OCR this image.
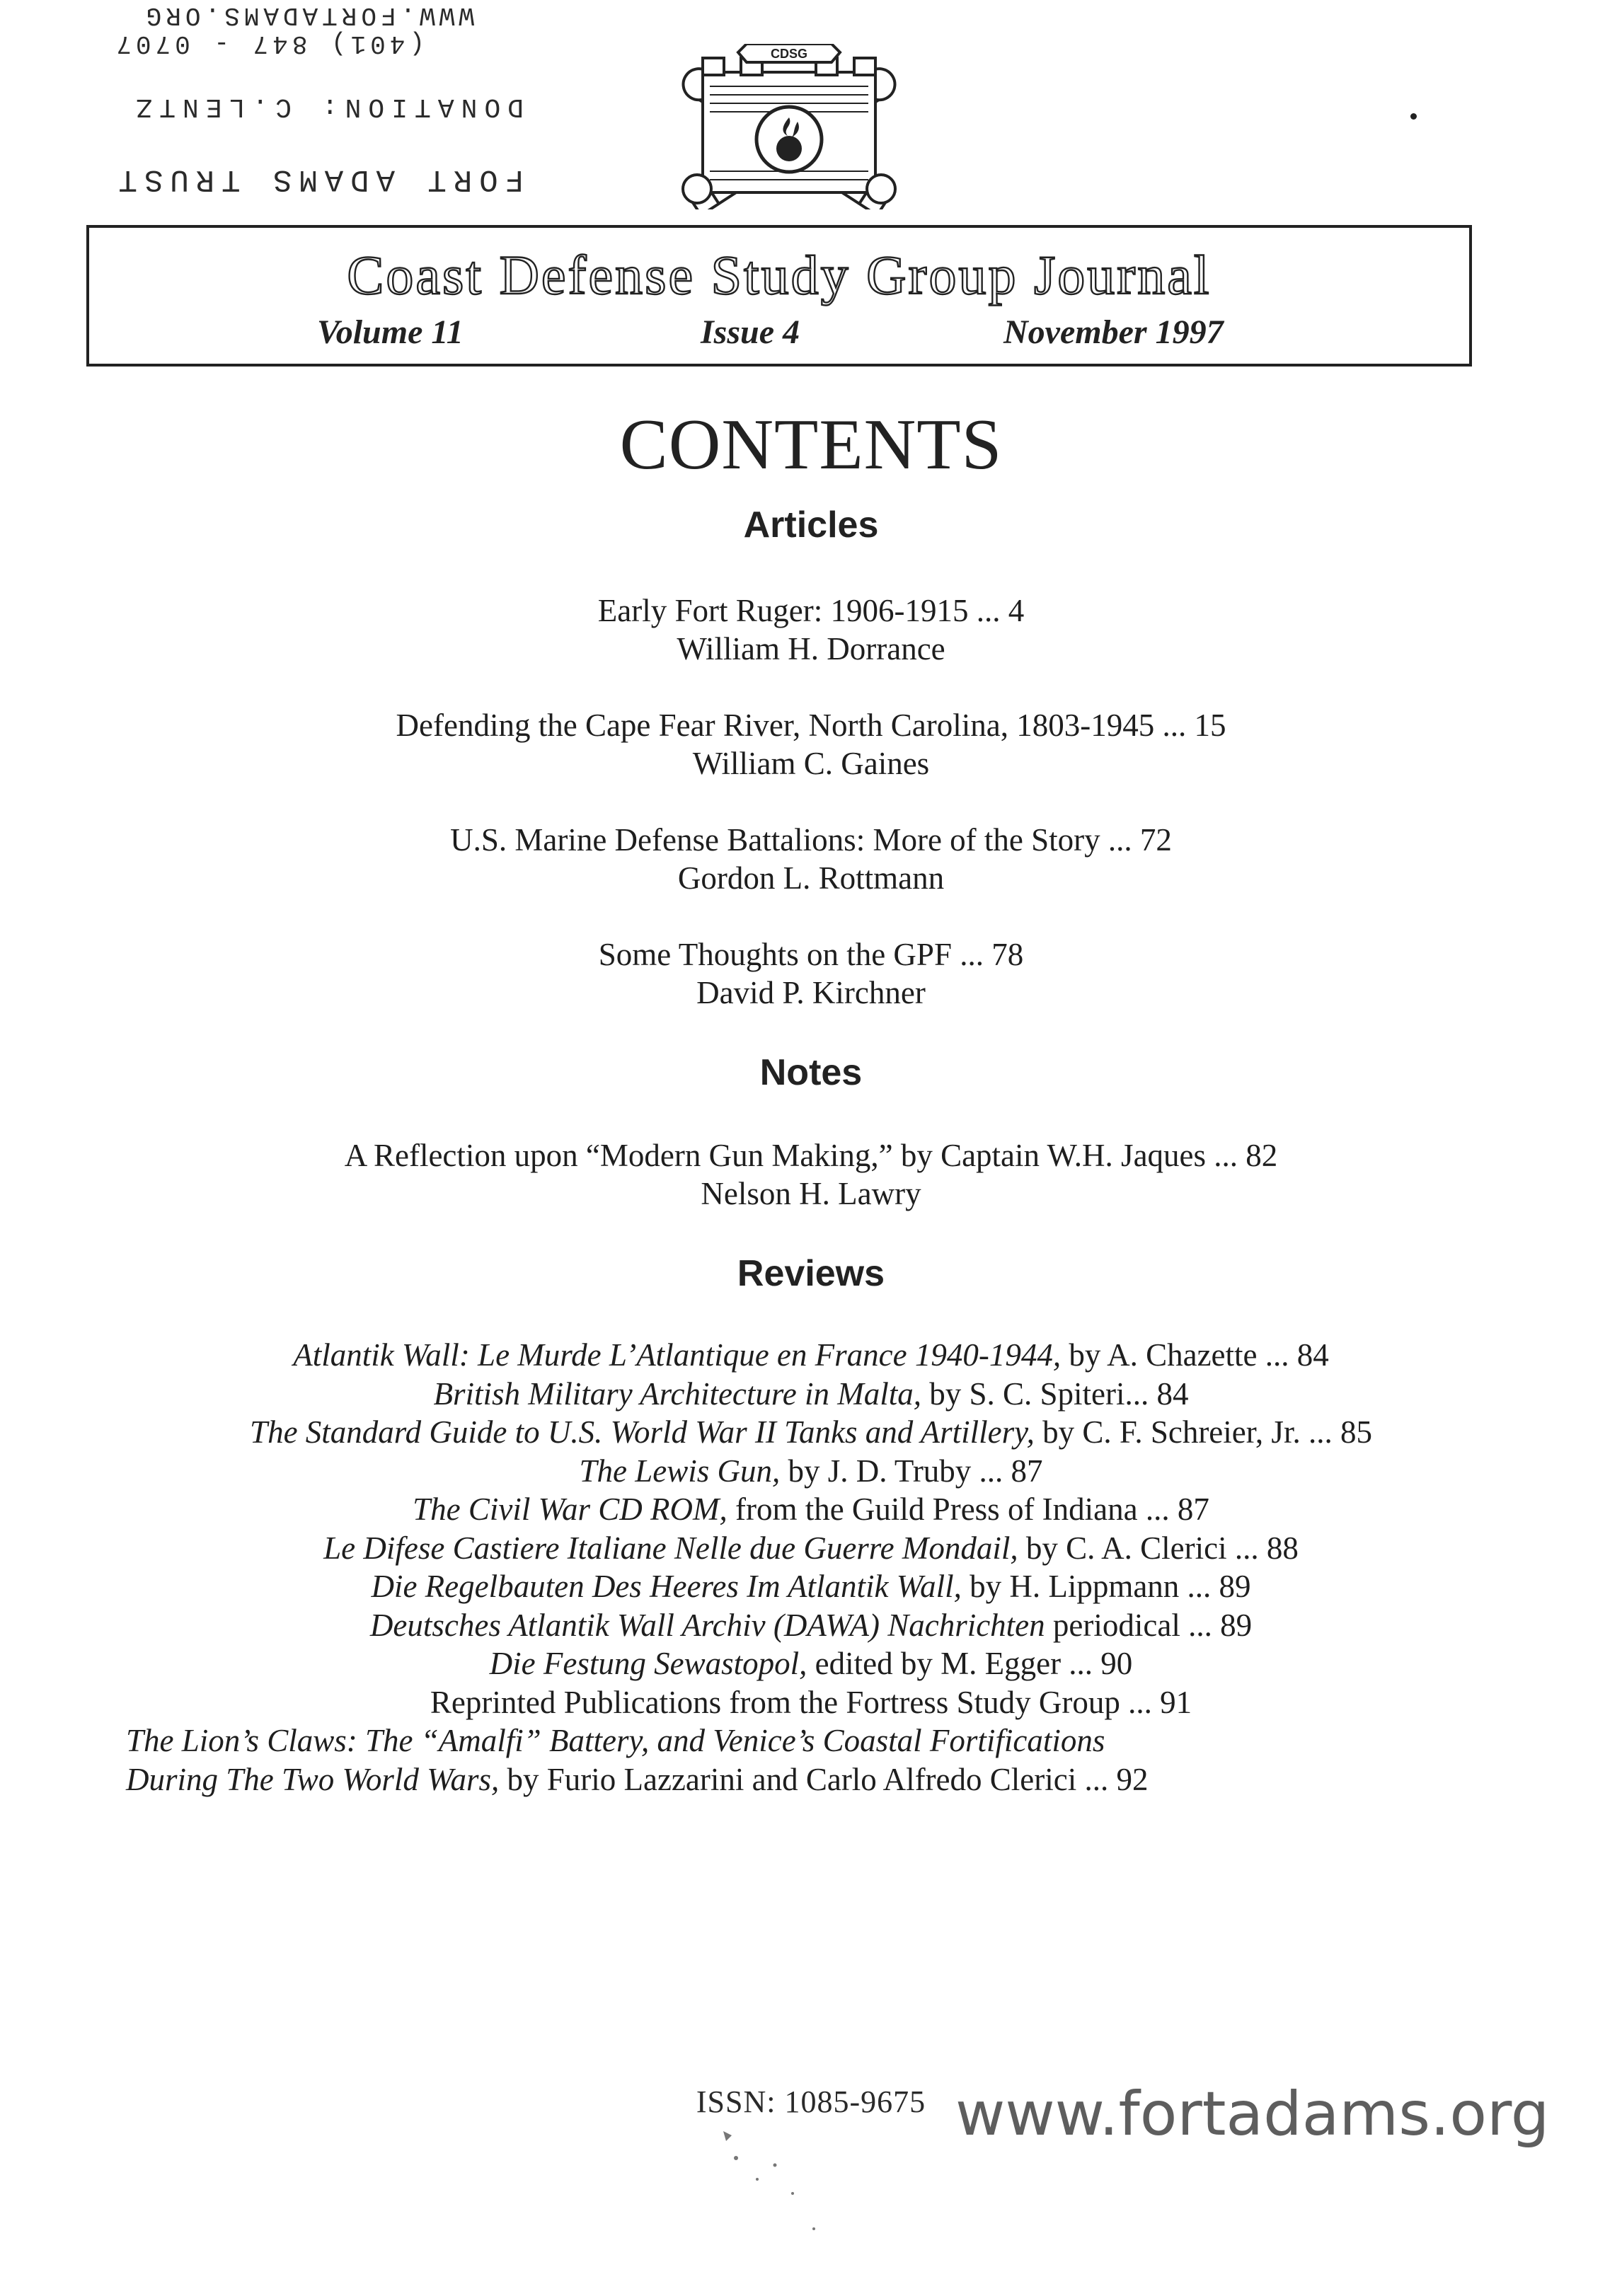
FORT ADAMS TRUST
DONATION: C.LENTZ
(401) 847 - 0707
WWW.FORTADAMS.ORG
CDSG
Coast Defense Study Group Journal
Volume 11	Issue 4	November 1997
CONTENTS
Articles
Early Fort Ruger: 1906-1915 ... 4
William H. Dorrance
Defending the Cape Fear River, North Carolina, 1803-1945 ... 15
William C. Gaines
U.S. Marine Defense Battalions: More of the Story ... 72
Gordon L. Rottmann
Some Thoughts on the GPF ... 78
David P. Kirchner
Notes
A Reflection upon “Modern Gun Making,” by Captain W.H. Jaques ... 82
Nelson H. Lawry
Reviews
Atlantik Wall: Le Murde L’Atlantique en France 1940-1944, by A. Chazette ... 84
British Military Architecture in Malta, by S. C. Spiteri... 84
The Standard Guide to U.S. World War II Tanks and Artillery, by C. F. Schreier, Jr. ... 85
The Lewis Gun, by J. D. Truby ... 87
The Civil War CD ROM, from the Guild Press of Indiana ... 87
Le Difese Castiere Italiane Nelle due Guerre Mondail, by C. A. Clerici ... 88
Die Regelbauten Des Heeres Im Atlantik Wall, by H. Lippmann ... 89
Deutsches Atlantik Wall Archiv (DAWA) Nachrichten periodical ... 89
Die Festung Sewastopol, edited by M. Egger ... 90
Reprinted Publications from the Fortress Study Group ... 91
The Lion’s Claws: The “Amalfi” Battery, and Venice’s Coastal Fortifications
During The Two World Wars, by Furio Lazzarini and Carlo Alfredo Clerici ... 92
ISSN: 1085-9675 www.fortadams.org
